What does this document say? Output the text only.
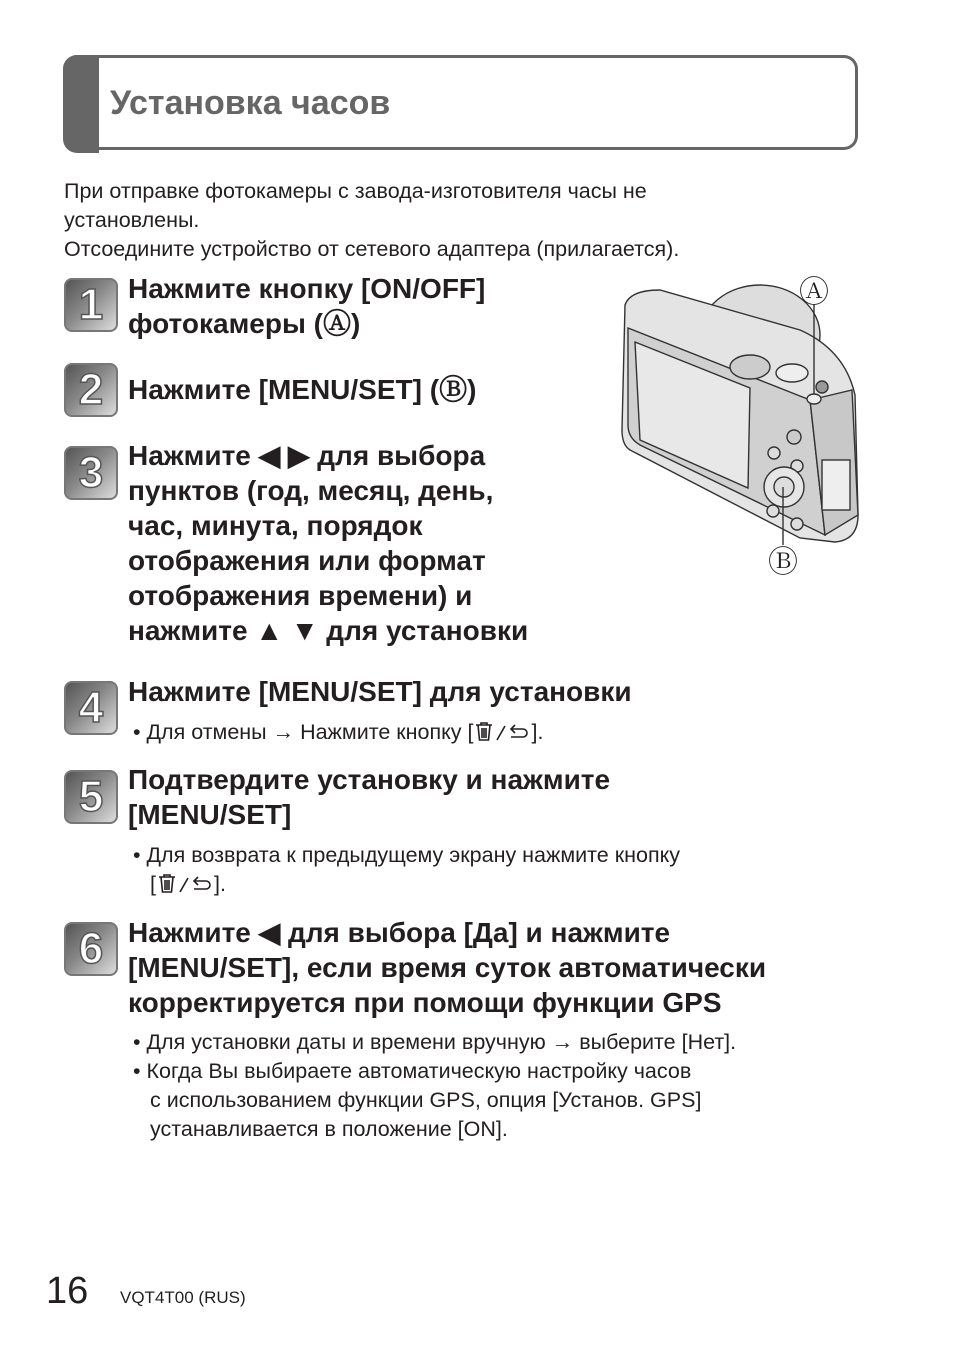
Установка часов
При отправке фотокамеры с завода-изготовителя часы не
установлены.
Отсоедините устройство от сетевого адаптера (прилагается).
1 Нажмите кнопку [ON/OFF]
фотокамеры (Ⓐ)
2 Нажмите [MENU/SET] (Ⓑ)
3 Нажмите ◀ ▶ для выбора
пунктов (год, месяц, день,
час, минута, порядок
отображения или формат
отображения времени) и
нажмите ▲ ▼ для установки
4 Нажмите [MENU/SET] для установки
• Для отмены → Нажмите кнопку [	].
5 Подтвердите установку и нажмите
[MENU/SET]
• Для возврата к предыдущему экрану нажмите кнопку
[	].
6 Нажмите ◀ для выбора [Да] и нажмите
[MENU/SET], если время суток автоматически
корректируется при помощи функции GPS
• Для установки даты и времени вручную → выберите [Нет].
• Когда Вы выбираете автоматическую настройку часов
с использованием функции GPS, опция [Установ. GPS]
устанавливается в положение [ON].
Ⓐ
Ⓑ
16 VQT4T00 (RUS)
